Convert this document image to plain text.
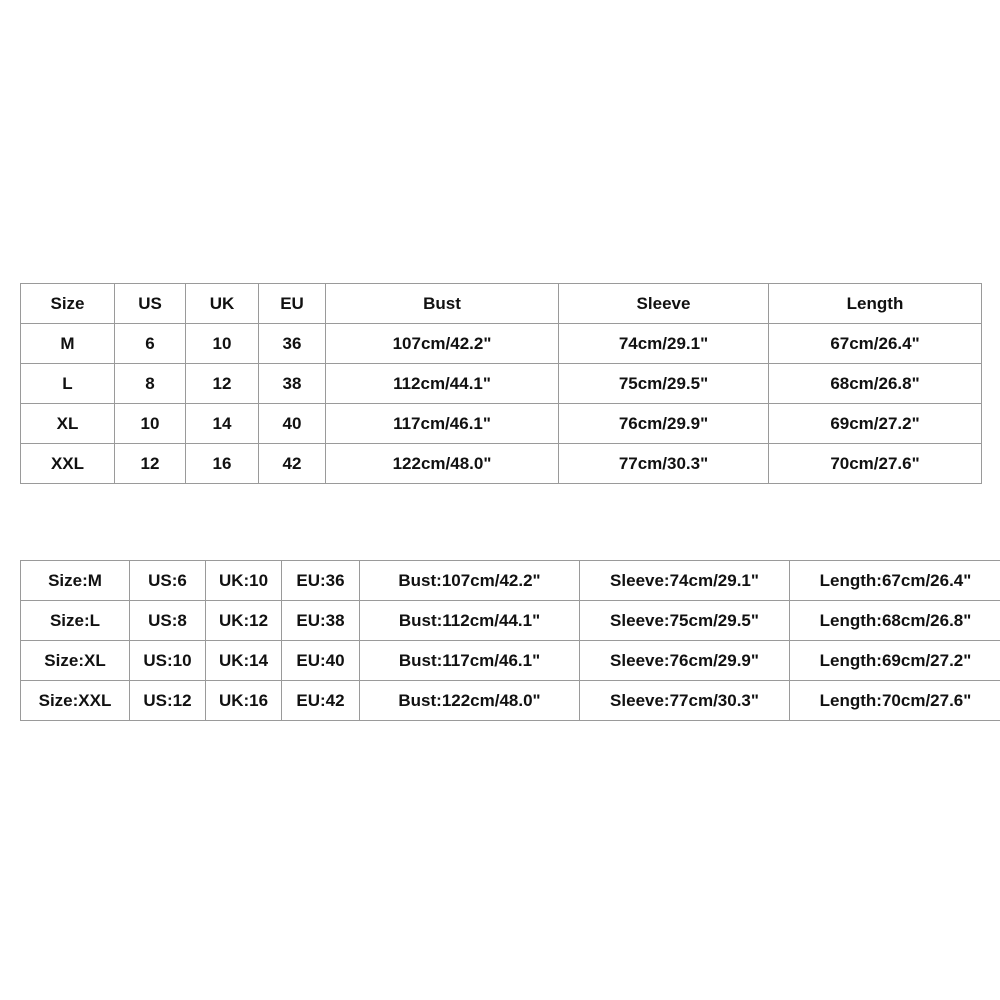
Size	US	UK	EU	Bust	Sleeve	Length
M	6	10	36	107cm/42.2"	74cm/29.1"	67cm/26.4"
L	8	12	38	112cm/44.1"	75cm/29.5"	68cm/26.8"
XL	10	14	40	117cm/46.1"	76cm/29.9"	69cm/27.2"
XXL	12	16	42	122cm/48.0"	77cm/30.3"	70cm/27.6"
Size:M	US:6	UK:10	EU:36	Bust:107cm/42.2"	Sleeve:74cm/29.1"	Length:67cm/26.4"
Size:L	US:8	UK:12	EU:38	Bust:112cm/44.1"	Sleeve:75cm/29.5"	Length:68cm/26.8"
Size:XL	US:10	UK:14	EU:40	Bust:117cm/46.1"	Sleeve:76cm/29.9"	Length:69cm/27.2"
Size:XXL	US:12	UK:16	EU:42	Bust:122cm/48.0"	Sleeve:77cm/30.3"	Length:70cm/27.6"
